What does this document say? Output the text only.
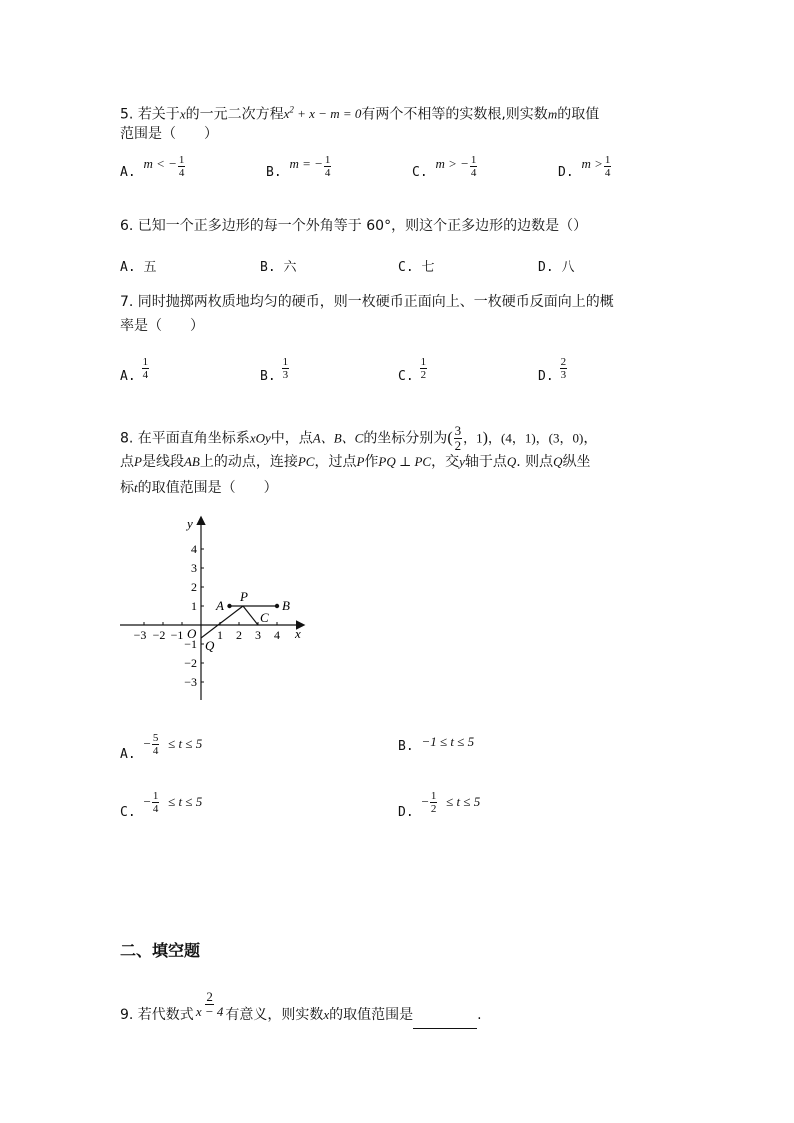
5. 若关于x的一元二次方程$x^2 + x - m = 0$有两个不相等的实数根,则实数m的取值
范围是（　　）
A. m < − $\frac{1}{4}$	B. m = − $\frac{1}{4}$	C. m > − $\frac{1}{4}$	D. $m > \frac{1}{4}$
6. 已知一个正多边形的每一个外角等于 60°，则这个正多边形的边数是（）
A. 五	B. 六	C. 七	D. 八
7. 同时抛掷两枚质地均匀的硬币，则一枚硬币正面向上、一枚硬币反面向上的概
率是（　　）
A. $\frac{1}{4}$	B. $\frac{1}{3}$	C. $\frac{1}{2}$	D. $\frac{2}{3}$
8. 在平面直角坐标系xOy中，点A、B、C的坐标分别为( $\frac{3}{2}$ ，1)，(4，1)，(3，0)，
点P是线段AB上的动点，连接PC，过点P作PQ ⊥ PC，交y轴于点Q. 则点Q纵坐
标t的取值范围是（　　）
x
y
O
−3 −2 −1	1 2 3 4
4
3
2
1
−1
−2
−3
A	B
P
C
Q
A. − $\frac{5}{4} \le t \le 5$	B. −1 ≤ t ≤ 5
C. − $\frac{1}{4} \le t \le 5$
D. − $\frac{1}{2} \le t \le 5$
二、填空题
9. 若代数式 $\frac{2}{x - 4}$ 有意义，则实数x的取值范围是	.
